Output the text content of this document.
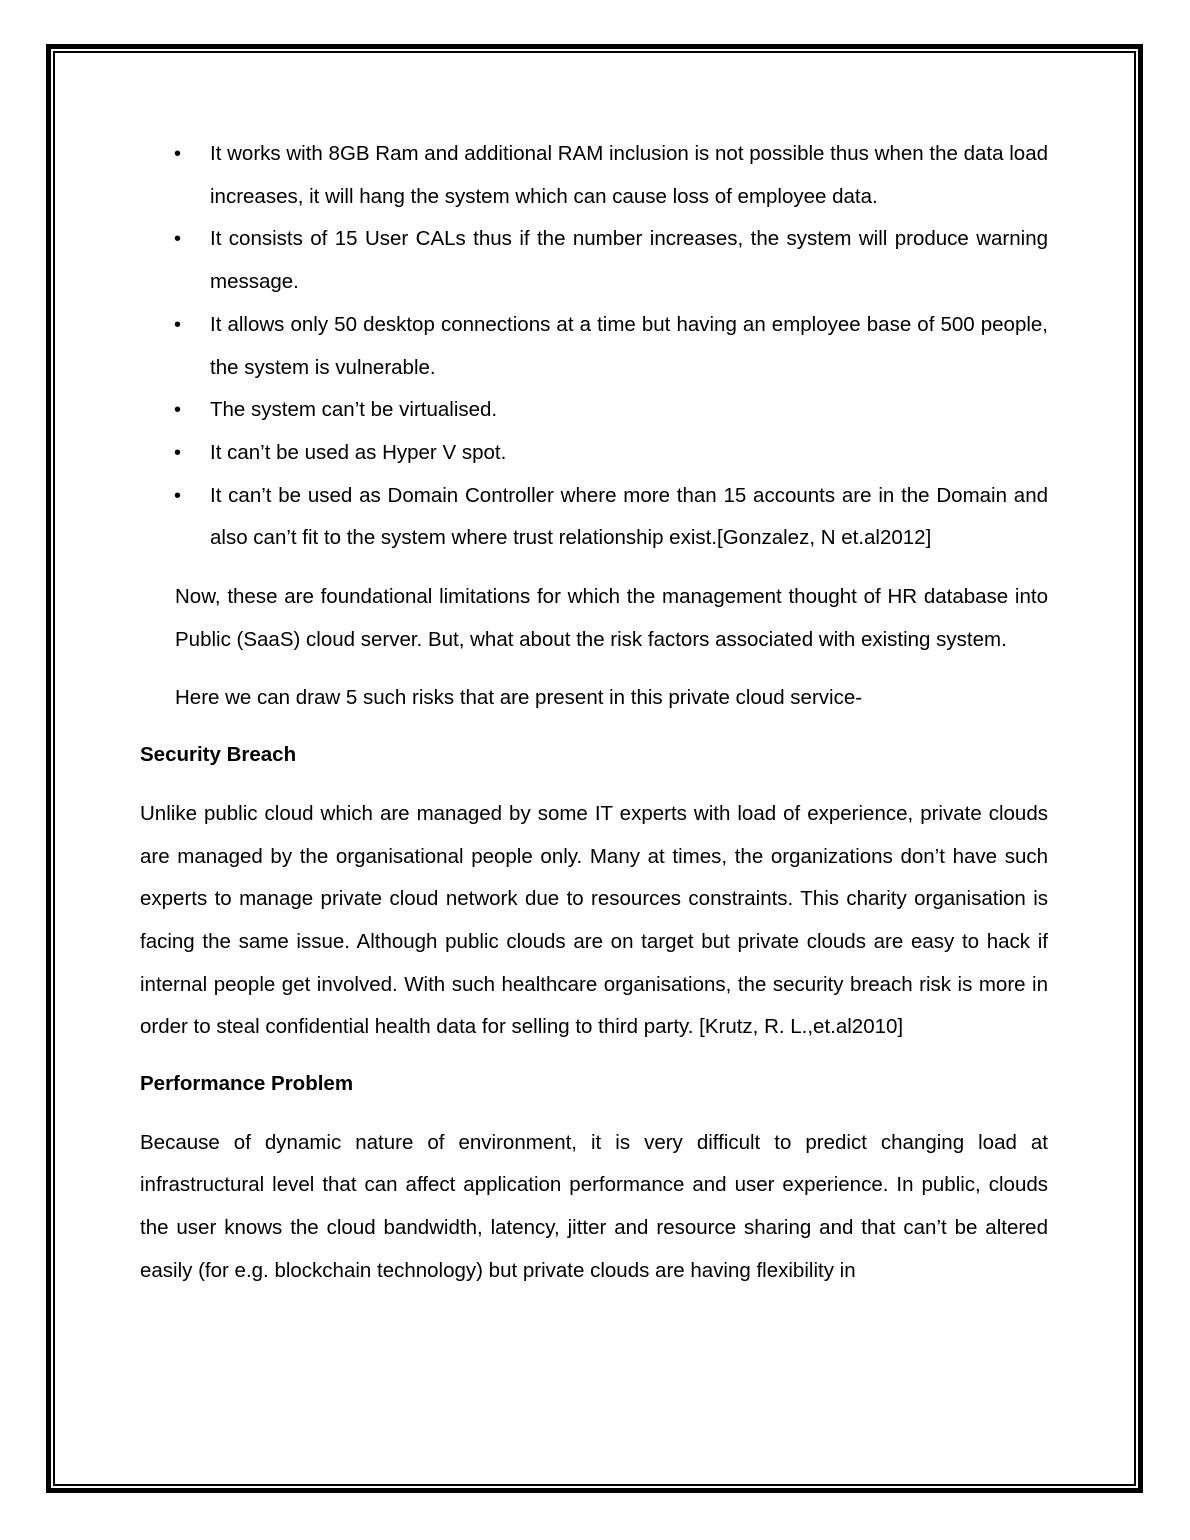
• It works with 8GB Ram and additional RAM inclusion is not possible thus when the data load increases, it will hang the system which can cause loss of employee data.
• It consists of 15 User CALs thus if the number increases, the system will produce warning message.
• It allows only 50 desktop connections at a time but having an employee base of 500 people, the system is vulnerable.
• The system can’t be virtualised.
• It can’t be used as Hyper V spot.
• It can’t be used as Domain Controller where more than 15 accounts are in the Domain and also can’t fit to the system where trust relationship exist.[Gonzalez, N et.al2012]

Now, these are foundational limitations for which the management thought of HR database into Public (SaaS) cloud server. But, what about the risk factors associated with existing system.

Here we can draw 5 such risks that are present in this private cloud service-

Security Breach

Unlike public cloud which are managed by some IT experts with load of experience, private clouds are managed by the organisational people only. Many at times, the organizations don’t have such experts to manage private cloud network due to resources constraints. This charity organisation is facing the same issue. Although public clouds are on target but private clouds are easy to hack if internal people get involved. With such healthcare organisations, the security breach risk is more in order to steal confidential health data for selling to third party. [Krutz, R. L.,et.al2010]

Performance Problem

Because of dynamic nature of environment, it is very difficult to predict changing load at infrastructural level that can affect application performance and user experience. In public, clouds the user knows the cloud bandwidth, latency, jitter and resource sharing and that can’t be altered easily (for e.g. blockchain technology) but private clouds are having flexibility in
